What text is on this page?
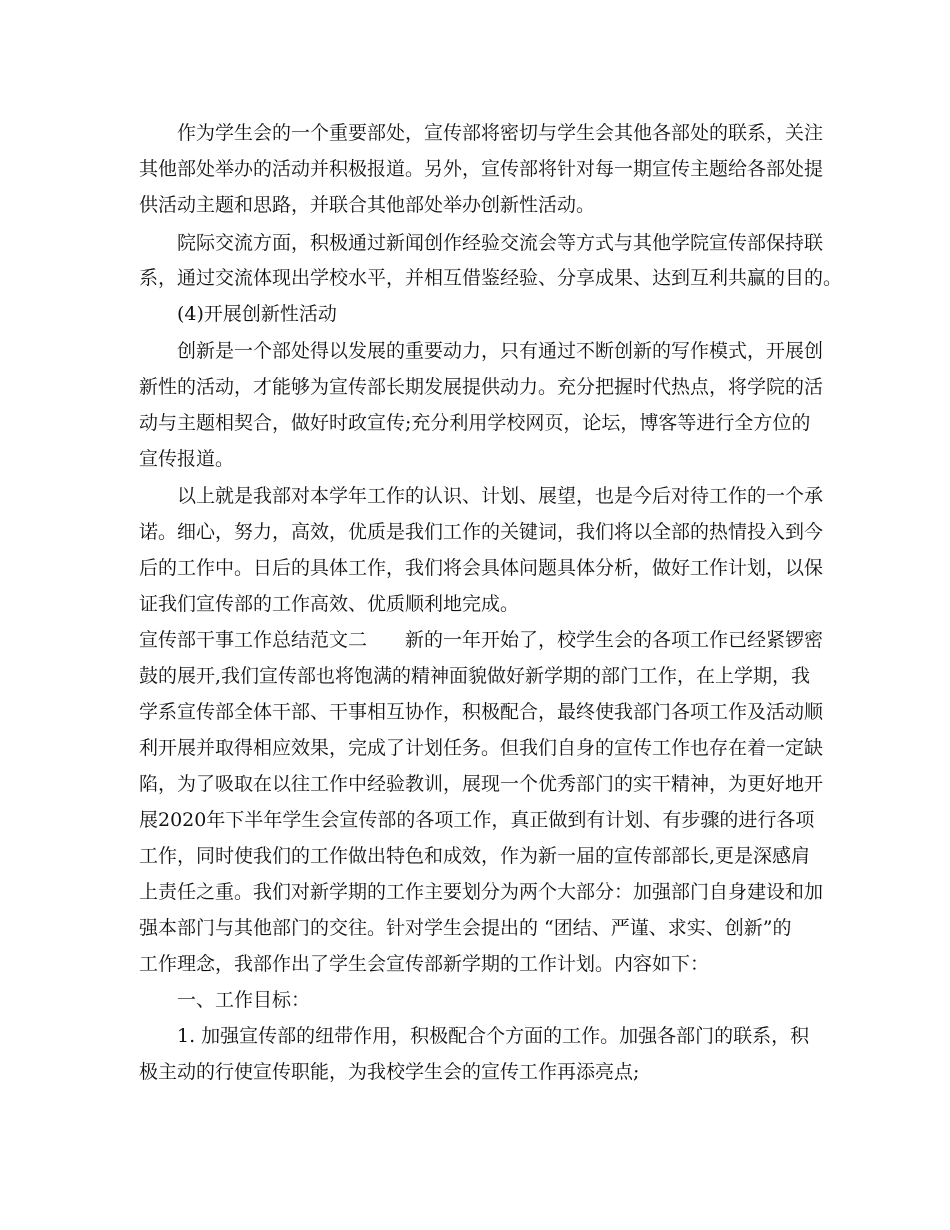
作为学生会的一个重要部处，宣传部将密切与学生会其他各部处的联系，关注
其他部处举办的活动并积极报道。另外，宣传部将针对每一期宣传主题给各部处提
供活动主题和思路，并联合其他部处举办创新性活动。
院际交流方面，积极通过新闻创作经验交流会等方式与其他学院宣传部保持联
系，通过交流体现出学校水平，并相互借鉴经验、分享成果、达到互利共赢的目的。
(4)开展创新性活动
创新是一个部处得以发展的重要动力，只有通过不断创新的写作模式，开展创
新性的活动，才能够为宣传部长期发展提供动力。充分把握时代热点，将学院的活
动与主题相契合，做好时政宣传;充分利用学校网页，论坛，博客等进行全方位的
宣传报道。
以上就是我部对本学年工作的认识、计划、展望，也是今后对待工作的一个承
诺。细心，努力，高效，优质是我们工作的关键词，我们将以全部的热情投入到今
后的工作中。日后的具体工作，我们将会具体问题具体分析，做好工作计划，以保
证我们宣传部的工作高效、优质顺利地完成。
宣传部干事工作总结范文二　　新的一年开始了，校学生会的各项工作已经紧锣密
鼓的展开,我们宣传部也将饱满的精神面貌做好新学期的部门工作，在上学期，我
学系宣传部全体干部、干事相互协作，积极配合，最终使我部门各项工作及活动顺
利开展并取得相应效果，完成了计划任务。但我们自身的宣传工作也存在着一定缺
陷，为了吸取在以往工作中经验教训，展现一个优秀部门的实干精神，为更好地开
展2020年下半年学生会宣传部的各项工作，真正做到有计划、有步骤的进行各项
工作，同时使我们的工作做出特色和成效，作为新一届的宣传部部长,更是深感肩
上责任之重。我们对新学期的工作主要划分为两个大部分：加强部门自身建设和加
强本部门与其他部门的交往。针对学生会提出的 “团结、严谨、求实、创新”的
工作理念，我部作出了学生会宣传部新学期的工作计划。内容如下：
一、工作目标：
1. 加强宣传部的纽带作用，积极配合个方面的工作。加强各部门的联系，积
极主动的行使宣传职能，为我校学生会的宣传工作再添亮点;
